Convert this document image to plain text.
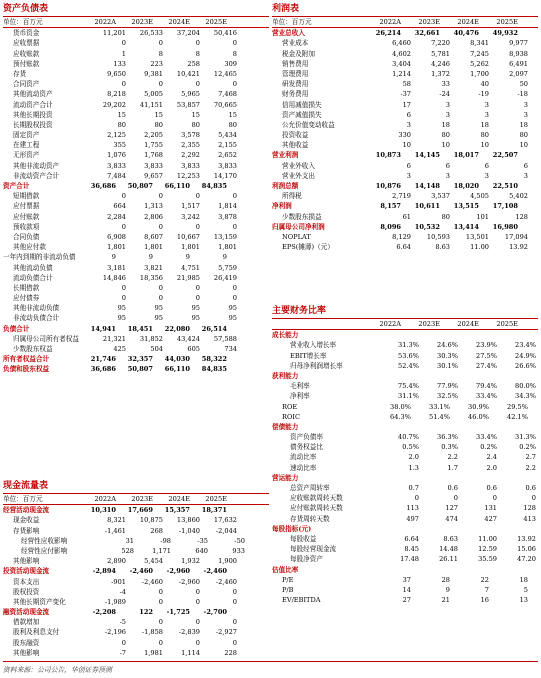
资产负债表
单位：百万元	2022A	2023E	2024E	2025E
货币资金	11,201	26,533	37,204	50,416
应收票据	0	0	0	0
应收账款	1	8	8	8
预付账款	133	223	258	309
存货	9,650	9,381	10,421	12,465
合同资产	0	0	0	0
其他流动资产	8,218	5,005	5,965	7,468
流动资产合计	29,202	41,151	53,857	70,665
其他长期投资	15	15	15	15
长期股权投资	80	80	80	80
固定资产	2,125	2,205	3,578	5,434
在建工程	355	1,755	2,355	2,155
无形资产	1,076	1,768	2,292	2,652
其他非流动资产	3,833	3,833	3,833	3,833
非流动资产合计	7,484	9,657	12,253	14,170
资产合计	36,686	50,807	66,110	84,835
短期借款	0	0	0	0
应付票据	664	1,313	1,517	1,814
应付账款	2,284	2,806	3,242	3,878
预收款项	0	0	0	0
合同负债	6,908	8,607	10,667	13,159
其他应付款	1,801	1,801	1,801	1,801
一年内到期的非流动负债	9	9	9	9
其他流动负债	3,181	3,821	4,751	5,759
流动负债合计	14,846	18,356	21,985	26,419
长期借款	0	0	0	0
应付债券	0	0	0	0
其他非流动负债	95	95	95	95
非流动负债合计	95	95	95	95
负债合计	14,941	18,451	22,080	26,514
归属母公司所有者权益	21,321	31,852	43,424	57,588
少数股东权益	425	504	605	734
所有者权益合计	21,746	32,357	44,030	58,322
负债和股东权益	36,686	50,807	66,110	84,835
现金流量表
单位：百万元	2022A	2023E	2024E	2025E
经营活动现金流	10,310	17,669	15,357	18,371
现金收益	8,321	10,875	13,860	17,632
存货影响	-1,461	268	-1,040	-2,044
经营性应收影响	31	-98	-35	-50
经营性应付影响	528	1,171	640	933
其他影响	2,890	5,454	1,932	1,900
投资活动现金流	-2,894	-2,460	-2,960	-2,460
资本支出	-901	-2,460	-2,960	-2,460
股权投资	-4	0	0	0
其他长期资产变化	-1,989	0	0	0
融资活动现金流	-2,208	122	-1,725	-2,700
借款增加	-5	0	0	0
股利及利息支付	-2,196	-1,858	-2,839	-2,927
股东融资	0	0	0	0
其他影响	-7	1,981	1,114	228
利润表
单位：百万元	2022A	2023E	2024E	2025E
营业总收入	26,214	32,661	40,476	49,932
营业成本	6,460	7,220	8,341	9,977
税金及附加	4,602	5,781	7,245	8,938
销售费用	3,404	4,246	5,262	6,491
管理费用	1,214	1,372	1,700	2,097
研发费用	58	33	40	50
财务费用	-37	-24	-19	-18
信用减值损失	17	3	3	3
资产减值损失	6	3	3	3
公允价值变动收益	3	18	18	18
投资收益	330	80	80	80
其他收益	10	10	10	10
营业利润	10,873	14,145	18,017	22,507
营业外收入	6	6	6	6
营业外支出	3	3	3	3
利润总额	10,876	14,148	18,020	22,510
所得税	2,719	3,537	4,505	5,402
净利润	8,157	10,611	13,515	17,108
少数股东损益	61	80	101	128
归属母公司净利润	8,096	10,532	13,414	16,980
NOPLAT	8,129	10,593	13,501	17,094
EPS(摊薄)（元）	6.64	8.63	11.00	13.92
主要财务比率
2022A	2023E	2024E	2025E
成长能力
营业收入增长率	31.3%	24.6%	23.9%	23.4%
EBIT增长率	53.6%	30.3%	27.5%	24.9%
归母净利润增长率	52.4%	30.1%	27.4%	26.6%
获利能力
毛利率	75.4%	77.9%	79.4%	80.0%
净利率	31.1%	32.5%	33.4%	34.3%
ROE	38.0%	33.1%	30.9%	29.5%
ROIC	64.3%	51.4%	46.0%	42.1%
偿债能力
资产负债率	40.7%	36.3%	33.4%	31.3%
债务权益比	0.5%	0.3%	0.2%	0.2%
流动比率	2.0	2.2	2.4	2.7
速动比率	1.3	1.7	2.0	2.2
营运能力
总资产周转率	0.7	0.6	0.6	0.6
应收账款周转天数	0	0	0	0
应付账款周转天数	113	127	131	128
存货周转天数	497	474	427	413
每股指标(元)
每股收益	6.64	8.63	11.00	13.92
每股经营现金流	8.45	14.48	12.59	15.06
每股净资产	17.48	26.11	35.59	47.20
估值比率
P/E	37	28	22	18
P/B	14	9	7	5
EV/EBITDA	27	21	16	13
资料来源：公司公告，华创证券预测
